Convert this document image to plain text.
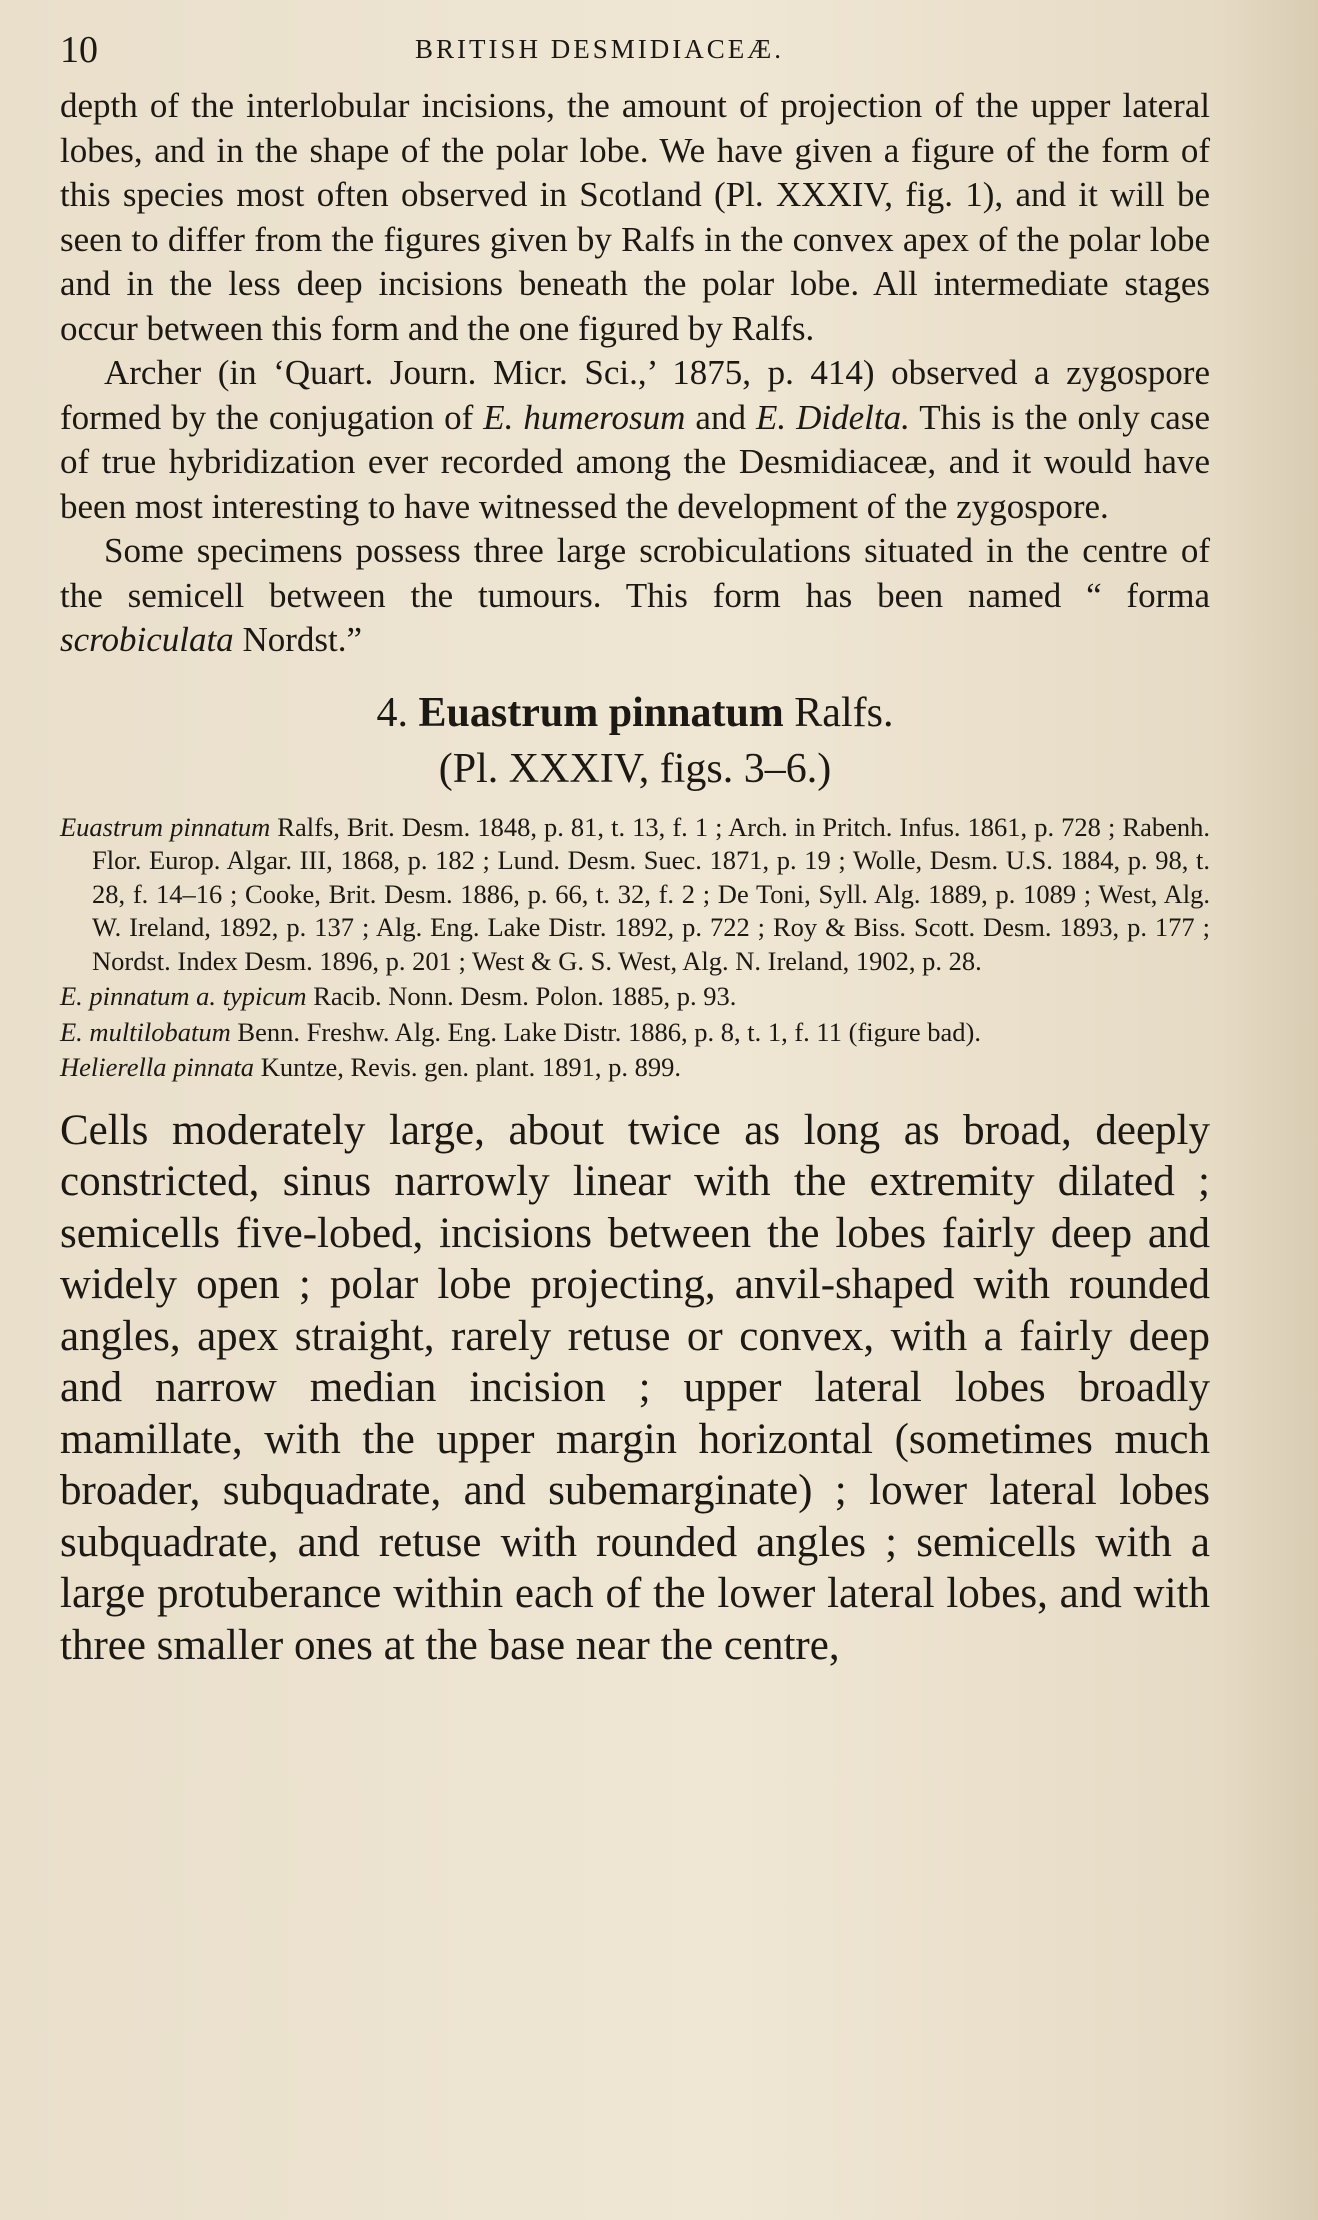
10	BRITISH DESMIDIACEÆ.

depth of the interlobular incisions, the amount of projection of the upper lateral lobes, and in the shape of the polar lobe. We have given a figure of the form of this species most often observed in Scotland (Pl. XXXIV, fig. 1), and it will be seen to differ from the figures given by Ralfs in the convex apex of the polar lobe and in the less deep incisions beneath the polar lobe. All intermediate stages occur between this form and the one figured by Ralfs.

Archer (in ‘Quart. Journ. Micr. Sci.,’ 1875, p. 414) observed a zygospore formed by the conjugation of E. humerosum and E. Didelta. This is the only case of true hybridization ever recorded among the Desmidiaceæ, and it would have been most interesting to have witnessed the development of the zygospore.

Some specimens possess three large scrobiculations situated in the centre of the semicell between the tumours. This form has been named “ forma scrobiculata Nordst.”

4. Euastrum pinnatum Ralfs.
(Pl. XXXIV, figs. 3–6.)
Euastrum pinnatum Ralfs, Brit. Desm. 1848, p. 81, t. 13, f. 1 ; Arch. in Pritch. Infus. 1861, p. 728 ; Rabenh. Flor. Europ. Algar. III, 1868, p. 182 ; Lund. Desm. Suec. 1871, p. 19 ; Wolle, Desm. U.S. 1884, p. 98, t. 28, f. 14–16 ; Cooke, Brit. Desm. 1886, p. 66, t. 32, f. 2 ; De Toni, Syll. Alg. 1889, p. 1089 ; West, Alg. W. Ireland, 1892, p. 137 ; Alg. Eng. Lake Distr. 1892, p. 722 ; Roy & Biss. Scott. Desm. 1893, p. 177 ; Nordst. Index Desm. 1896, p. 201 ; West & G. S. West, Alg. N. Ireland, 1902, p. 28.
E. pinnatum a. typicum Racib. Nonn. Desm. Polon. 1885, p. 93.
E. multilobatum Benn. Freshw. Alg. Eng. Lake Distr. 1886, p. 8, t. 1, f. 11 (figure bad).
Helierella pinnata Kuntze, Revis. gen. plant. 1891, p. 899.

Cells moderately large, about twice as long as broad, deeply constricted, sinus narrowly linear with the extremity dilated ; semicells five-lobed, incisions between the lobes fairly deep and widely open ; polar lobe projecting, anvil-shaped with rounded angles, apex straight, rarely retuse or convex, with a fairly deep and narrow median incision ; upper lateral lobes broadly mamillate, with the upper margin horizontal (sometimes much broader, subquadrate, and subemarginate) ; lower lateral lobes subquadrate, and retuse with rounded angles ; semicells with a large protuberance within each of the lower lateral lobes, and with three smaller ones at the base near the centre,
